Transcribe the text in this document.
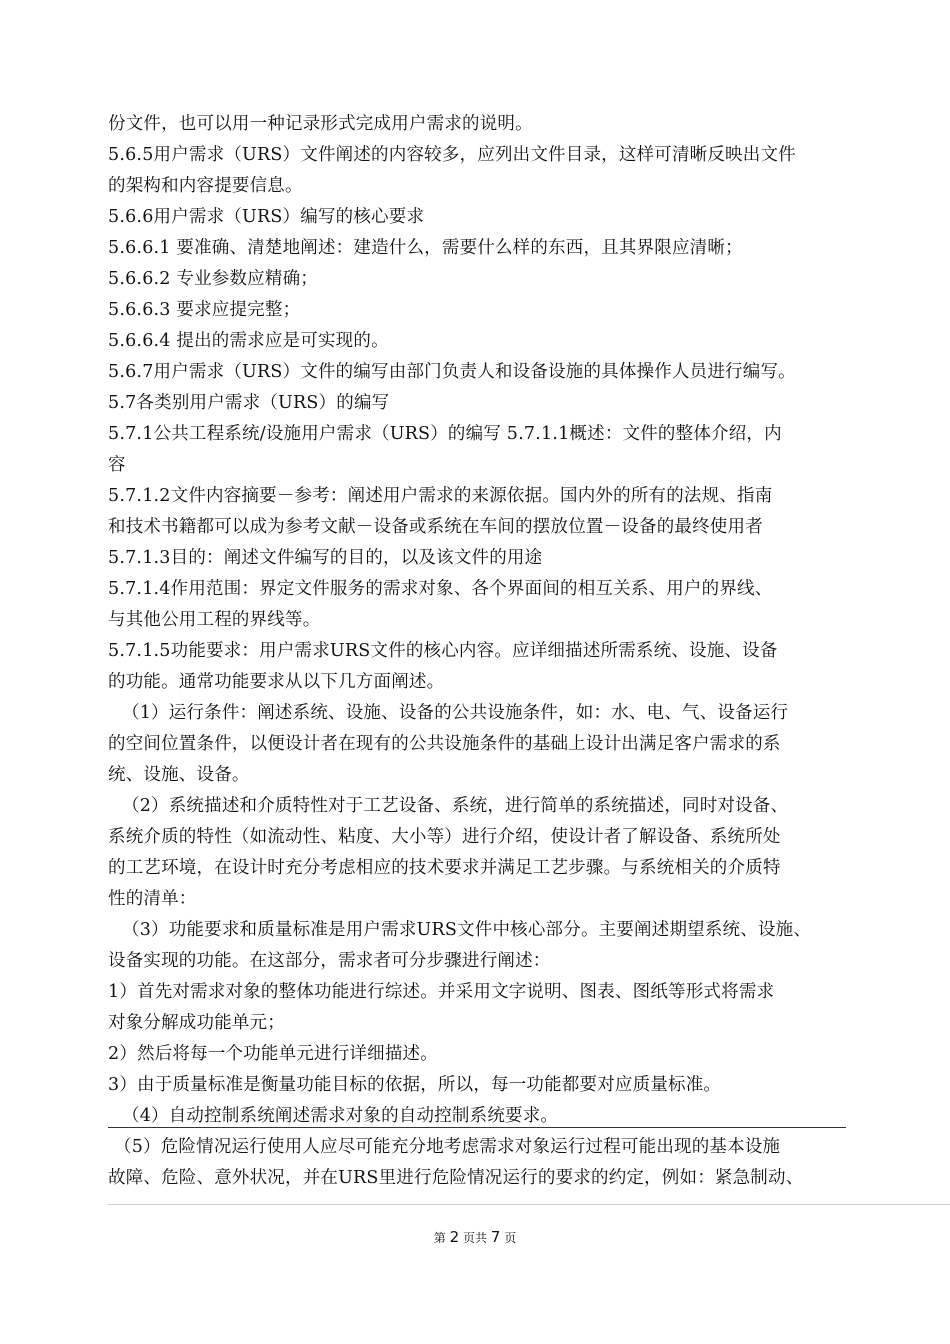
份文件，也可以用一种记录形式完成用户需求的说明。
5.6.5用户需求（URS）文件阐述的内容较多，应列出文件目录，这样可清晰反映出文件
的架构和内容提要信息。
5.6.6用户需求（URS）编写的核心要求
5.6.6.1 要准确、清楚地阐述：建造什么，需要什么样的东西，且其界限应清晰；
5.6.6.2 专业参数应精确；
5.6.6.3 要求应提完整；
5.6.6.4 提出的需求应是可实现的。
5.6.7用户需求（URS）文件的编写由部门负责人和设备设施的具体操作人员进行编写。
5.7各类别用户需求（URS）的编写
5.7.1公共工程系统/设施用户需求（URS）的编写 5.7.1.1概述：文件的整体介绍，内
容
5.7.1.2文件内容摘要－参考：阐述用户需求的来源依据。国内外的所有的法规、指南
和技术书籍都可以成为参考文献－设备或系统在车间的摆放位置－设备的最终使用者
5.7.1.3目的：阐述文件编写的目的，以及该文件的用途
5.7.1.4作用范围：界定文件服务的需求对象、各个界面间的相互关系、用户的界线、
与其他公用工程的界线等。
5.7.1.5功能要求：用户需求URS文件的核心内容。应详细描述所需系统、设施、设备
的功能。通常功能要求从以下几方面阐述。
（1）运行条件：阐述系统、设施、设备的公共设施条件，如：水、电、气、设备运行
的空间位置条件，以便设计者在现有的公共设施条件的基础上设计出满足客户需求的系
统、设施、设备。
（2）系统描述和介质特性对于工艺设备、系统，进行简单的系统描述，同时对设备、
系统介质的特性（如流动性、粘度、大小等）进行介绍，使设计者了解设备、系统所处
的工艺环境，在设计时充分考虑相应的技术要求并满足工艺步骤。与系统相关的介质特
性的清单：
（3）功能要求和质量标准是用户需求URS文件中核心部分。主要阐述期望系统、设施、
设备实现的功能。在这部分，需求者可分步骤进行阐述：
1）首先对需求对象的整体功能进行综述。并采用文字说明、图表、图纸等形式将需求
对象分解成功能单元；
2）然后将每一个功能单元进行详细描述。
3）由于质量标准是衡量功能目标的依据，所以，每一功能都要对应质量标准。
（4）自动控制系统阐述需求对象的自动控制系统要求。
（5）危险情况运行使用人应尽可能充分地考虑需求对象运行过程可能出现的基本设施
故障、危险、意外状况，并在URS里进行危险情况运行的要求的约定，例如：紧急制动、
第 2 页共 7 页
